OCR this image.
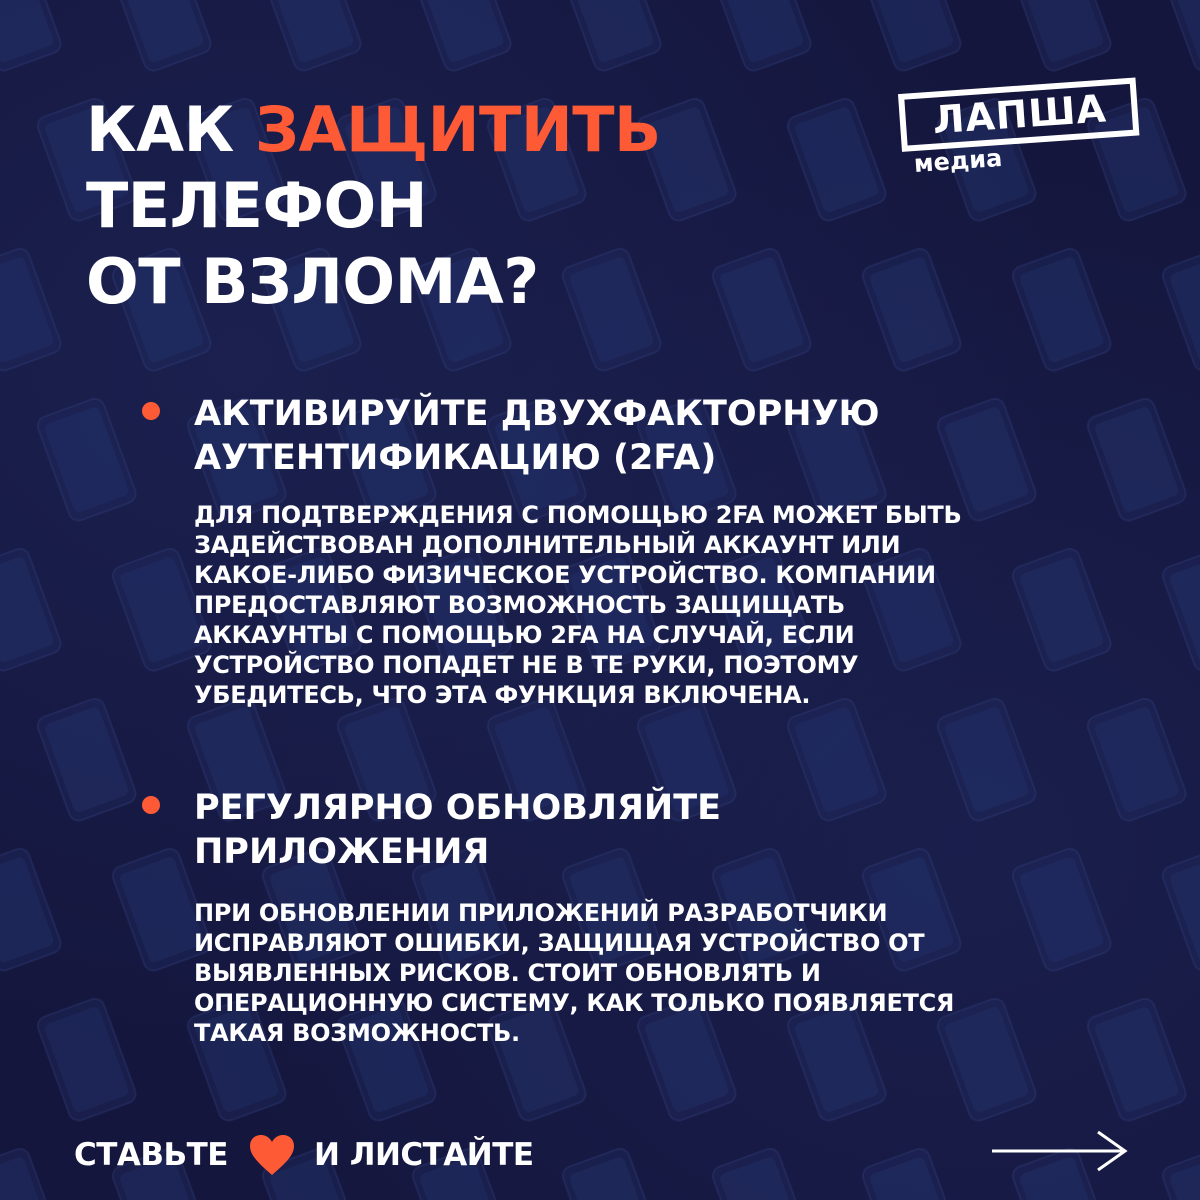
КАК ЗАЩИТИТЬ
ТЕЛЕФОН
ОТ ВЗЛОМА?
ЛАПША
медиа
АКТИВИРУЙТЕ ДВУХФАКТОРНУЮ
АУТЕНТИФИКАЦИЮ (2FA)
ДЛЯ ПОДТВЕРЖДЕНИЯ С ПОМОЩЬЮ 2FA МОЖЕТ БЫТЬ
ЗАДЕЙСТВОВАН ДОПОЛНИТЕЛЬНЫЙ АККАУНТ ИЛИ
КАКОЕ-ЛИБО ФИЗИЧЕСКОЕ УСТРОЙСТВО. КОМПАНИИ
ПРЕДОСТАВЛЯЮТ ВОЗМОЖНОСТЬ ЗАЩИЩАТЬ
АККАУНТЫ С ПОМОЩЬЮ 2FA НА СЛУЧАЙ, ЕСЛИ
УСТРОЙСТВО ПОПАДЕТ НЕ В ТЕ РУКИ, ПОЭТОМУ
УБЕДИТЕСЬ, ЧТО ЭТА ФУНКЦИЯ ВКЛЮЧЕНА.
РЕГУЛЯРНО ОБНОВЛЯЙТЕ
ПРИЛОЖЕНИЯ
ПРИ ОБНОВЛЕНИИ ПРИЛОЖЕНИЙ РАЗРАБОТЧИКИ
ИСПРАВЛЯЮТ ОШИБКИ, ЗАЩИЩАЯ УСТРОЙСТВО ОТ
ВЫЯВЛЕННЫХ РИСКОВ. СТОИТ ОБНОВЛЯТЬ И
ОПЕРАЦИОННУЮ СИСТЕМУ, КАК ТОЛЬКО ПОЯВЛЯЕТСЯ
ТАКАЯ ВОЗМОЖНОСТЬ.
СТАВЬТЕ	И ЛИСТАЙТЕ
